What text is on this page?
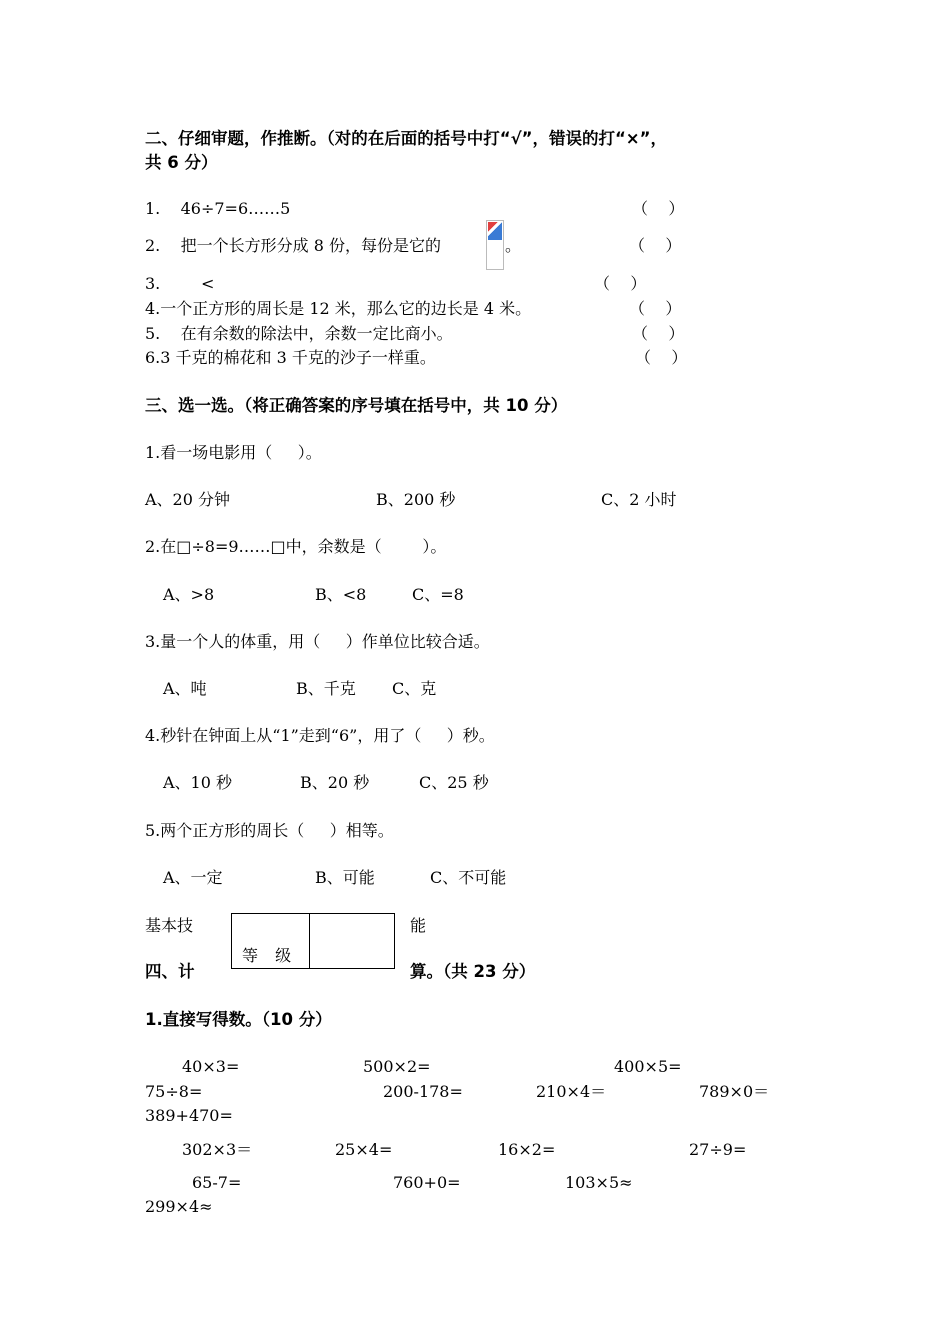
二、仔细审题，作推断。（对的在后面的括号中打“√”，错误的打“×”，
共 6 分）
1.    46÷7=6……5	（    ）
2.    把一个长方形分成 8 份，每份是它的	。	（    ）
3.        <	（    ）
4.一个正方形的周长是 12 米，那么它的边长是 4 米。	（    ）
5.    在有余数的除法中，余数一定比商小。	（    ）
6.3 千克的棉花和 3 千克的沙子一样重。	（    ）
三、选一选。（将正确答案的序号填在括号中，共 10 分）
1.看一场电影用（     ）。
A、20 分钟	B、200 秒	C、2 小时
2.在□÷8=9……□中，余数是（        ）。
A、>8	B、<8	C、=8
3.量一个人的体重，用（     ）作单位比较合适。
A、吨	B、千克 C、克
4.秒针在钟面上从“1”走到“6”，用了（     ）秒。
A、10 秒	B、20 秒	C、25 秒
5.两个正方形的周长（     ）相等。
A、一定	B、可能	C、不可能
基本技
等 级
能
四、计	算。（共 23 分）
1.直接写得数。（10 分）
40×3=	500×2=	400×5=
75÷8=	200-178=	210×4＝	789×0＝
389+470=
302×3＝	25×4=	16×2=	27÷9=
65-7=	760+0=	103×5≈
299×4≈
